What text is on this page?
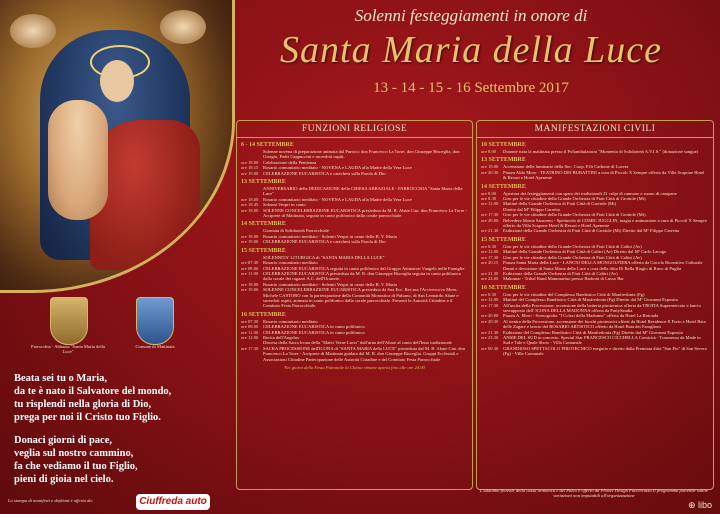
Solenni festeggiamenti in onore di
Santa Maria della Luce
13 - 14 - 15 - 16 Settembre 2017
FUNZIONI RELIGIOSE
6 - 14 SETTEMBRE
Solenne novena di preparazione animata dal Parroco don Francesco La Torre, don Giuseppe Bisceglia, don Giorgio, Padri Cappuccini e sacerdoti ospiti.
ore 18.00	Celebrazione della Penitenza
ore 18.15	Rosario comunitario meditato - NOVENA e LAUDA alla Madre della Vera Luce
ore 19.00	CELEBRAZIONE EUCARISTICA e catechesi sulla Parola di Dio
13 SETTEMBRE
ANNIVERSARIO della DEDICAZIONE della CHIESA ABBAZIALE - PARROCCHIA "Santa Maria della Luce"
ore 18.00	Rosario comunitario meditato - NOVENA e LAUDA alla Madre della Vera Luce
ore 18.45	Solenni Vespri in canto
ore 19.00	SOLENNE CONCELEBRAZIONE EUCARISTICA presieduta da M. R. Abate Can. don Francesco La Torre - Arciprete di Mattinata, seguita in canto polifonico dalla corale parrocchiale
14 SETTEMBRE
Giornata di Solidarietà Parrocchiale
ore 18.00	Rosario comunitario meditato - Solenni Vespri in canto della B. V. Maria
ore 19.00	CELEBRAZIONE EUCARISTICA e catechesi sulla Parola di Dio
15 SETTEMBRE
SOLENNITA' LITURGICA di "SANTA MARIA DELLA LUCE"
ore 07.30	Rosario comunitario meditato
ore 08.00	CELEBRAZIONE EUCARISTICA seguita in canto polifonico dal Gruppo Animatori Vangelo nelle Famiglie
ore 11.00	CELEBRAZIONE EUCARISTICA presieduta da M. R. don Giuseppe Bisceglia seguita in canto polifonico dalla corale dei ragazzi A.C. dell'Oratorio
ore 18.00	Rosario comunitario meditato - Solenni Vespri in canto della B. V. Maria
ore 19.00	SOLENNE CONCELEBRAZIONE EUCARISTICA presieduta da Sua Ecc. Rev.ma l'Arcivescovo Mons. Michele CASTORO con la partecipazione della Comunità Monastica di Pulsano, di San Leonardo Abate e sacerdoti ospiti, animata in canto polifonico dalla corale parrocchiale. Presenti le Autorità Cittadine e il Comitato Festa Parrocchiale.
16 SETTEMBRE
ore 07.30	Rosario comunitario meditato
ore 08.00	CELEBRAZIONE EUCARISTICA in canto polifonico
ore 11.00	CELEBRAZIONE EUCARISTICA in canto polifonico
ore 12.00	Recita dell'Angelus
Discesa della Sacra Icona della "Mater Verae Lucis" dall'urna dell'Altare al canto dell'Inno tradizionale
ore 17.30	SACRA PROCESSIONE dell'ICONA di "SANTA MARIA della LUCE" presieduta dal M. R. Abate Can. don Francesco La Torre - Arciprete di Mattinata guidata dal M. R. don Giuseppe Bisceglia. Gruppi Ecclesiali e Associazioni Cittadine Partecipazione delle Autorità Cittadine e del Comitato Festa Parrocchiale
Nei giorni della Festa Patronale la Chiesa rimane aperta fino alle ore 24.00
MANIFESTAZIONI CIVILI
10 SETTEMBRE
ore 8.00	Durante tutta la mattinata presso il Poliambulatorio "Momento di Solidarietà A.V.I.S." (donazione sangue)
13 SETTEMBRE
ore 19.00	Accensione delle luminarie della Soc. Coop. F.lli Carbone di Lucera
ore 20.30	Piazza Aldo Moro - TEATRINO DEI BURATTINI a cura di Piccoli X Sempre offerto da Villa Scapone Hotel & Resort e Hotel Apeneste
14 SETTEMBRE
ore 8.00	Apertura dei festeggiamenti con sparo dei tradizionali 21 colpi di cannone e suono di campane
ore 8.30	Giro per le vie cittadine della Grande Orchestra di Fiati Città di Grottole (Mt)
ore 12.00	Mattinè della Grande Orchestra di Fiati Città di Grottole (Mt)
Diretto dal Mº Filippo Carretta
ore 17.30	Giro per le vie cittadine della Grande Orchestra di Fiati Città di Grottole (Mt)
ore 20.00	Belvedere Monte Saraceno - Spettacolo di COMIC JUGGLIN, magia e animazione a cura di Piccoli X Sempre offerto da Villa Scapone Hotel & Resort e Hotel Apeneste
ore 21.30	Esibizione della Grande Orchestra di Fiati Città di Grottole (Mt) Diretto dal Mº Filippo Carretta
15 SETTEMBRE
ore 8.30	Giro per le vie cittadine della Grande Orchestra di Fiati Città di Calitri (Av)
ore 12.00	Mattinè della Grande Orchestra di Fiati Città di Calitri (Av) Diretto dal Mº Carlo Lacogo
ore 17.30	Giro per le vie cittadine della Grande Orchestra di Fiati Città di Calitri (Av)
ore 20.15	Piazza Santa Maria della Luce - LANCIO DELLA MONGOLFIERA offerta da Circolo Ricreativo Culturale Dauni e devozione di Santa Maria della Luce a cura della ditta Di Bella Biagio di Ruvo di Puglia
ore 21.30	Esibizione della Grande Orchestra di Fiati Città di Calitri (Av)
ore 22.00	Makumar - Tribal Band Mammarino presso Barboni di Lusso Bar
16 SETTEMBRE
ore 8.30	Giro per le vie cittadine del Complesso Bandistico Città di Manfredonia (Fg)
ore 12.00	Mattinè del Complesso Bandistico Città di Manfredonia (Fg) Diretto dal Mº Giovanni Esposito
ore 17.30	All'uscita della Processione, accensione della batteria pirotecnica offerta da TROITA Supermercato e lancio sovrapposto dell' ICONA DELLA MADONNA offerta da PartySandia
ore 20.00	Piazza A. Moro - Scenografia "I Colori della Madonna" offerta da Hotel La Rotonda
ore 20.30	Al rientro della Processione, accensione dei fuochi pirotecnici offerti da Hotel Residence Il Porto e Hotel Baia delle Zagare e lancio del ROSARIO ARTISTICO offerto da Hotel Baia dei Faraglioni
ore 21.30	Esibizione del Complesso Bandistico Città di Manfredonia (Fg) Diretto dal Mº Giovanni Esposito
ore 23.30	ANSIE DEL SUD in concerto. Special Star FRANCESCO CICCHELLA Comicità - Trasmesso da Made in Sud e Tale e Quale Show - Villa Comunale
ore 00.30	GRANDIOSO SPETTACOLO PIROTECNICO eseguito e diretto dalla Premiata ditta "San Pio" di San Severo (Fg) - Villa Comunale
Parrocchia - Abbazia "Santa Maria della Luce"
Comune di Mattinata

Beata sei tu o Maria,
da te è nato il Salvatore del mondo,
tu risplendi nella gloria di Dio,
prega per noi il Cristo tuo Figlio.

Donaci giorni di pace,
veglia sul nostro cammino,
fa che vediamo il tuo Figlio,
pieni di gioia nel cielo.

Lo stampa di manifesti e depliant è offerta da:	Ciuffreda auto
L'addobbo floreale della cassa armonica e del Palco è offerto da Flower Design Facciorusso Il programma potrebbe subire variazioni non imputabili all'organizzazione
⊕ libo
